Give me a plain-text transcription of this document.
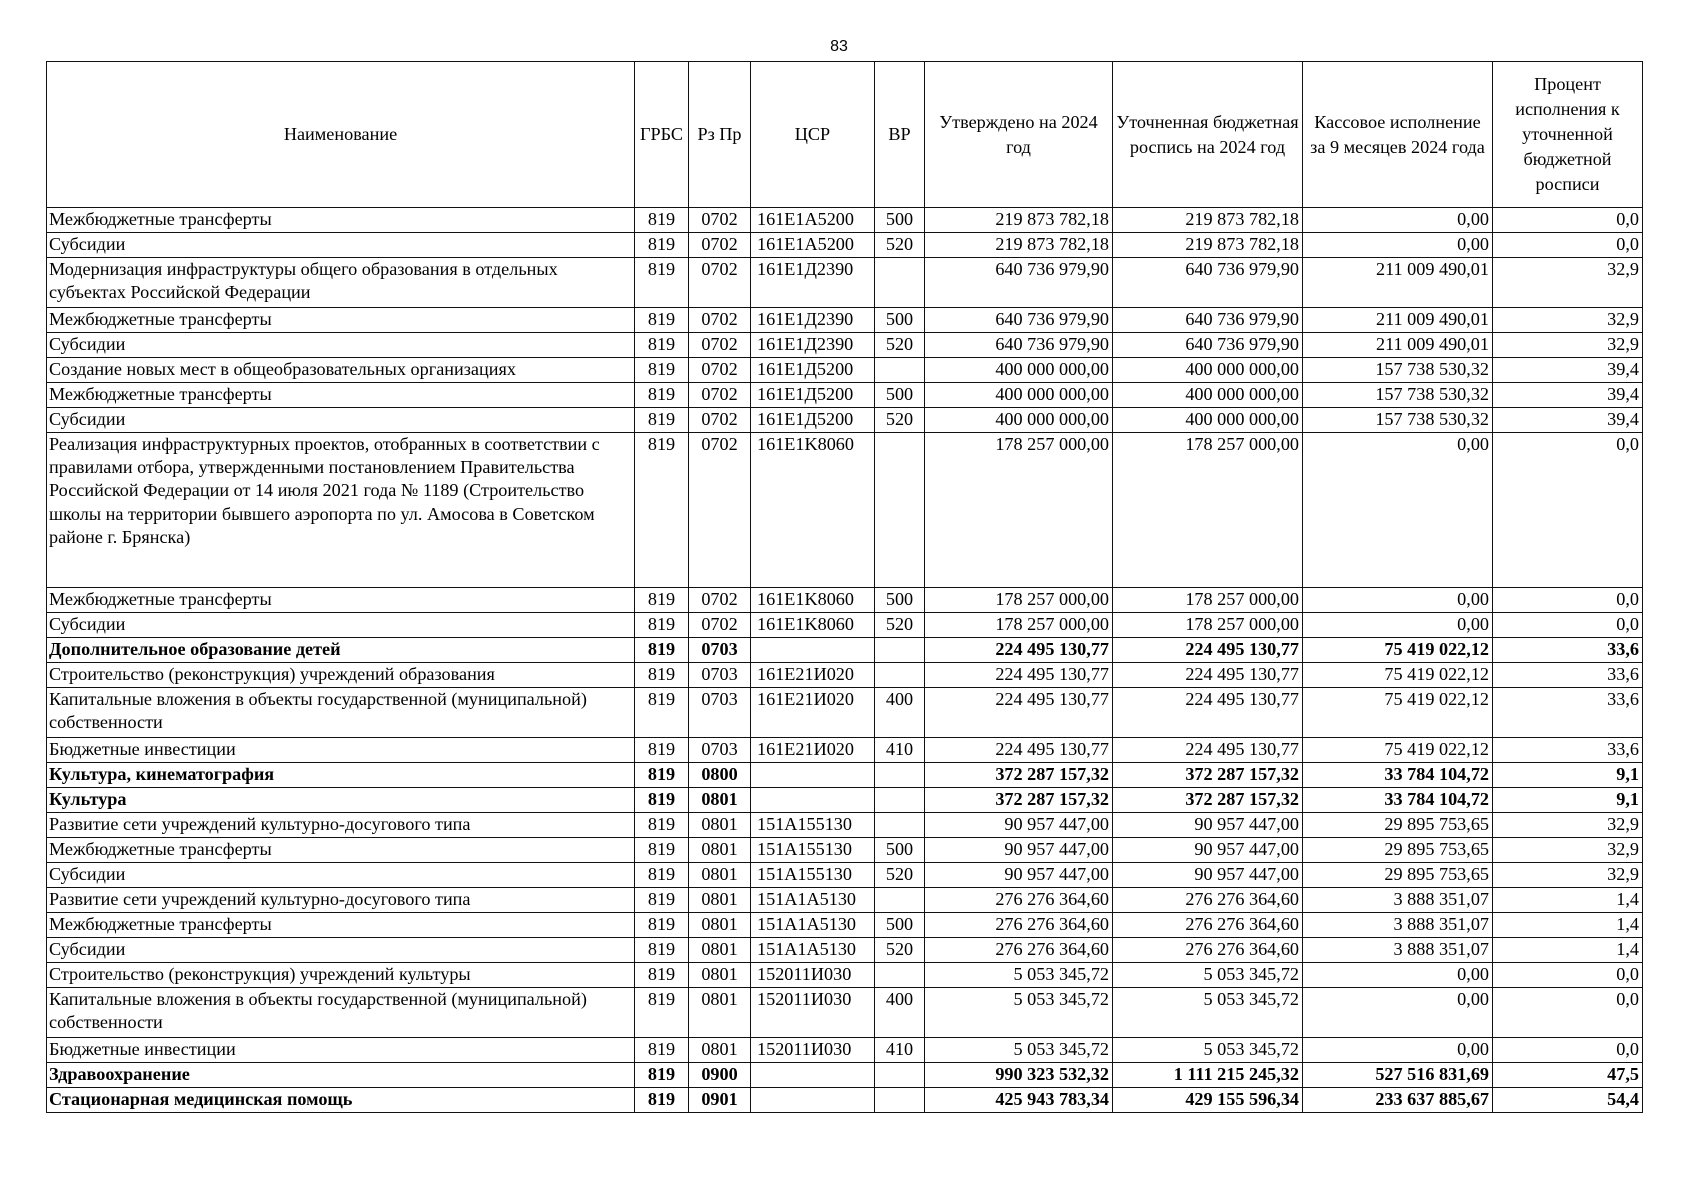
83
Наименование	ГРБС	Рз Пр	ЦСР	ВР	Утверждено на 2024 год	Уточненная бюджетная роспись на 2024 год	Кассовое исполнение за 9 месяцев 2024 года	Процент исполнения к уточненной бюджетной росписи
Межбюджетные трансферты	819	0702	161E1A5200	500	219 873 782,18	219 873 782,18	0,00	0,0
Субсидии	819	0702	161E1A5200	520	219 873 782,18	219 873 782,18	0,00	0,0
Модернизация инфраструктуры общего образования в отдельных субъектах Российской Федерации	819	0702	161E1Д2390		640 736 979,90	640 736 979,90	211 009 490,01	32,9
Межбюджетные трансферты	819	0702	161E1Д2390	500	640 736 979,90	640 736 979,90	211 009 490,01	32,9
Субсидии	819	0702	161E1Д2390	520	640 736 979,90	640 736 979,90	211 009 490,01	32,9
Создание новых мест в общеобразовательных организациях	819	0702	161E1Д5200		400 000 000,00	400 000 000,00	157 738 530,32	39,4
Межбюджетные трансферты	819	0702	161E1Д5200	500	400 000 000,00	400 000 000,00	157 738 530,32	39,4
Субсидии	819	0702	161E1Д5200	520	400 000 000,00	400 000 000,00	157 738 530,32	39,4
Реализация инфраструктурных проектов, отобранных в соответствии с правилами отбора, утвержденными постановлением Правительства Российской Федерации от 14 июля 2021 года № 1189 (Строительство школы на территории бывшего аэропорта по ул. Амосова в Советском районе г. Брянска)	819	0702	161E1K8060		178 257 000,00	178 257 000,00	0,00	0,0
Межбюджетные трансферты	819	0702	161E1K8060	500	178 257 000,00	178 257 000,00	0,00	0,0
Субсидии	819	0702	161E1K8060	520	178 257 000,00	178 257 000,00	0,00	0,0
Дополнительное образование детей	819	0703			224 495 130,77	224 495 130,77	75 419 022,12	33,6
Строительство (реконструкция) учреждений образования	819	0703	161E21И020		224 495 130,77	224 495 130,77	75 419 022,12	33,6
Капитальные вложения в объекты государственной (муниципальной) собственности	819	0703	161E21И020	400	224 495 130,77	224 495 130,77	75 419 022,12	33,6
Бюджетные инвестиции	819	0703	161E21И020	410	224 495 130,77	224 495 130,77	75 419 022,12	33,6
Культура, кинематография	819	0800			372 287 157,32	372 287 157,32	33 784 104,72	9,1
Культура	819	0801			372 287 157,32	372 287 157,32	33 784 104,72	9,1
Развитие сети учреждений культурно-досугового типа	819	0801	151A155130		90 957 447,00	90 957 447,00	29 895 753,65	32,9
Межбюджетные трансферты	819	0801	151A155130	500	90 957 447,00	90 957 447,00	29 895 753,65	32,9
Субсидии	819	0801	151A155130	520	90 957 447,00	90 957 447,00	29 895 753,65	32,9
Развитие сети учреждений культурно-досугового типа	819	0801	151A1A5130		276 276 364,60	276 276 364,60	3 888 351,07	1,4
Межбюджетные трансферты	819	0801	151A1A5130	500	276 276 364,60	276 276 364,60	3 888 351,07	1,4
Субсидии	819	0801	151A1A5130	520	276 276 364,60	276 276 364,60	3 888 351,07	1,4
Строительство (реконструкция) учреждений культуры	819	0801	152011И030		5 053 345,72	5 053 345,72	0,00	0,0
Капитальные вложения в объекты государственной (муниципальной) собственности	819	0801	152011И030	400	5 053 345,72	5 053 345,72	0,00	0,0
Бюджетные инвестиции	819	0801	152011И030	410	5 053 345,72	5 053 345,72	0,00	0,0
Здравоохранение	819	0900			990 323 532,32	1 111 215 245,32	527 516 831,69	47,5
Стационарная медицинская помощь	819	0901			425 943 783,34	429 155 596,34	233 637 885,67	54,4
